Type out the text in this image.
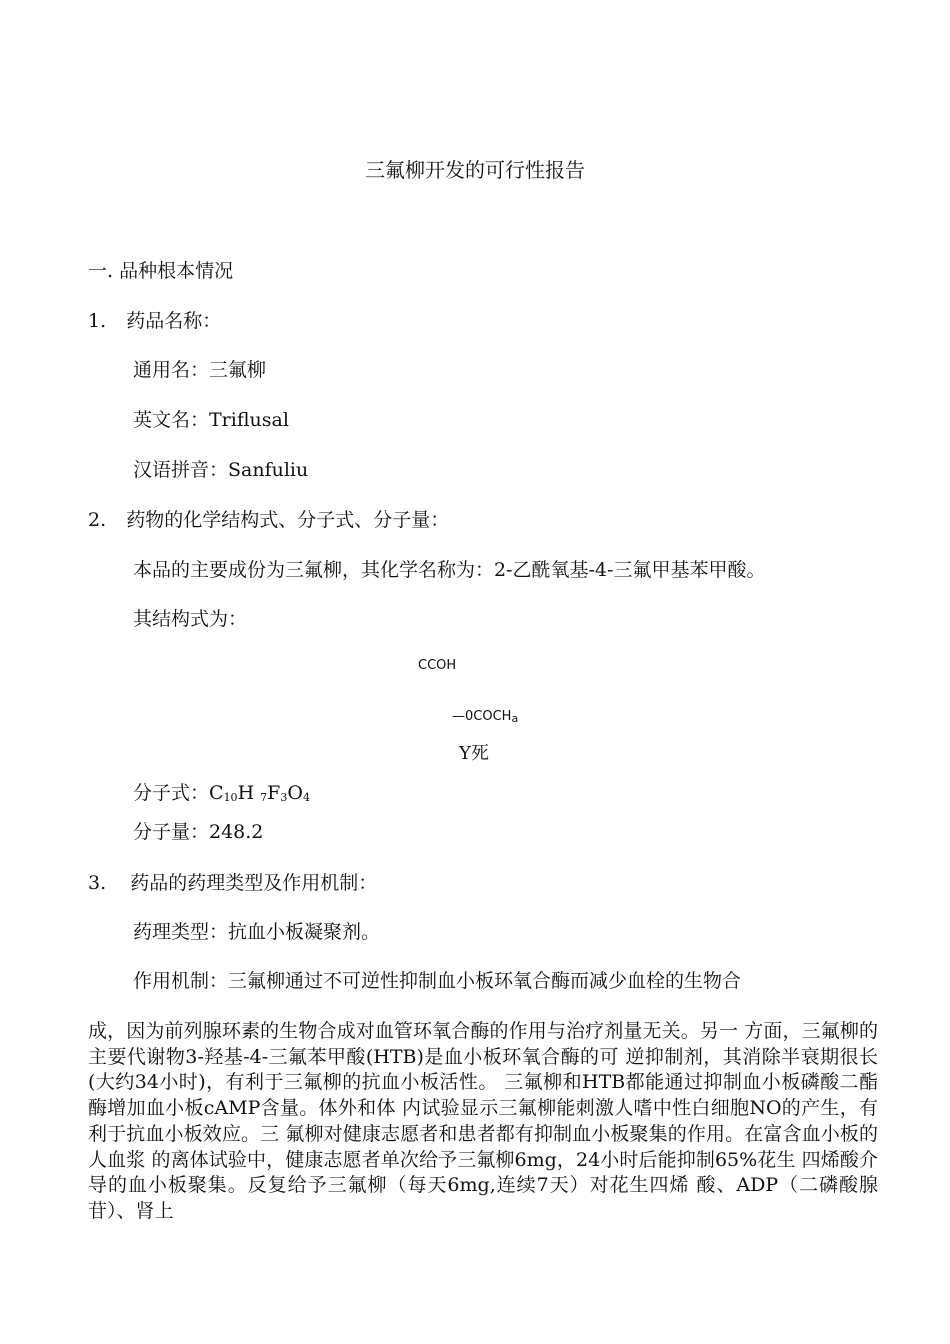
三氟柳开发的可行性报告
一. 品种根本情况
1. 药品名称：
通用名：三氟柳
英文名：Triflusal
汉语拼音：Sanfuliu
2. 药物的化学结构式、分子式、分子量：
本品的主要成份为三氟柳，其化学名称为：2-乙酰氧基-4-三氟甲基苯甲酸。
其结构式为：
CCOH
$—0COCH_a$
Y死
分子式：$C_{10}H$ $_7F_3O_4$
分子量：248.2
3. 药品的药理类型及作用机制：
药理类型：抗血小板凝聚剂。
作用机制：三氟柳通过不可逆性抑制血小板环氧合酶而减少血栓的生物合
成，因为前列腺环素的生物合成对血管环氧合酶的作用与治疗剂量无关。另一 方面，三氟柳的主要代谢物3-羟基-4-三氟苯甲酸(HTB)是血小板环氧合酶的可 逆抑制剂，其消除半衰期很长(大约34小时)，有利于三氟柳的抗血小板活性。 三氟柳和HTB都能通过抑制血小板磷酸二酯酶增加血小板cAMP含量。体外和体 内试验显示三氟柳能刺激人嗜中性白细胞NO的产生，有利于抗血小板效应。三 氟柳对健康志愿者和患者都有抑制血小板聚集的作用。在富含血小板的人血浆 的离体试验中，健康志愿者单次给予三氟柳6mg，24小时后能抑制65%花生 四烯酸介导的血小板聚集。反复给予三氟柳（每天6mg,连续7天）对花生四烯 酸、ADP（二磷酸腺苷）、肾上
